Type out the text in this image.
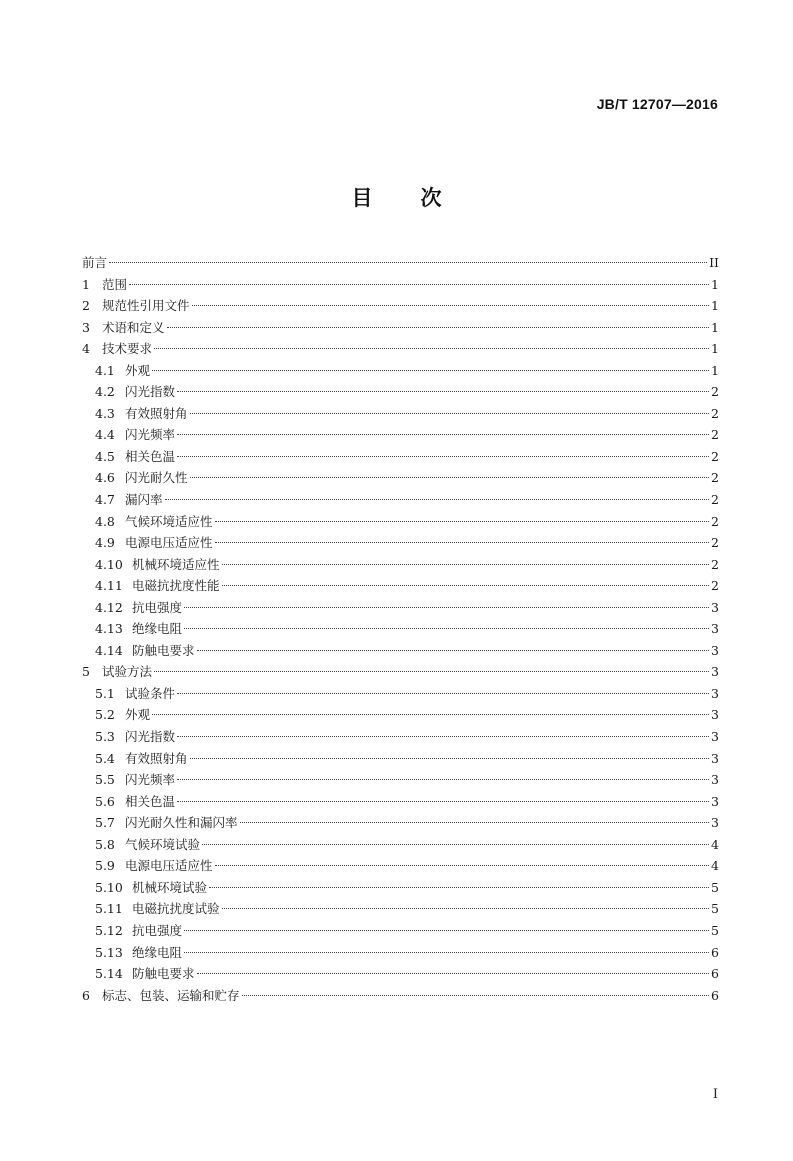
JB/T 12707—2016
目 次
前言	II
1 范围	1
2 规范性引用文件	1
3 术语和定义	1
4 技术要求	1
4.1 外观	1
4.2 闪光指数	2
4.3 有效照射角	2
4.4 闪光频率	2
4.5 相关色温	2
4.6 闪光耐久性	2
4.7 漏闪率	2
4.8 气候环境适应性	2
4.9 电源电压适应性	2
4.10 机械环境适应性	2
4.11 电磁抗扰度性能	2
4.12 抗电强度	3
4.13 绝缘电阻	3
4.14 防触电要求	3
5 试验方法	3
5.1 试验条件	3
5.2 外观	3
5.3 闪光指数	3
5.4 有效照射角	3
5.5 闪光频率	3
5.6 相关色温	3
5.7 闪光耐久性和漏闪率	3
5.8 气候环境试验	4
5.9 电源电压适应性	4
5.10 机械环境试验	5
5.11 电磁抗扰度试验	5
5.12 抗电强度	5
5.13 绝缘电阻	6
5.14 防触电要求	6
6 标志、包装、运输和贮存	6
I
